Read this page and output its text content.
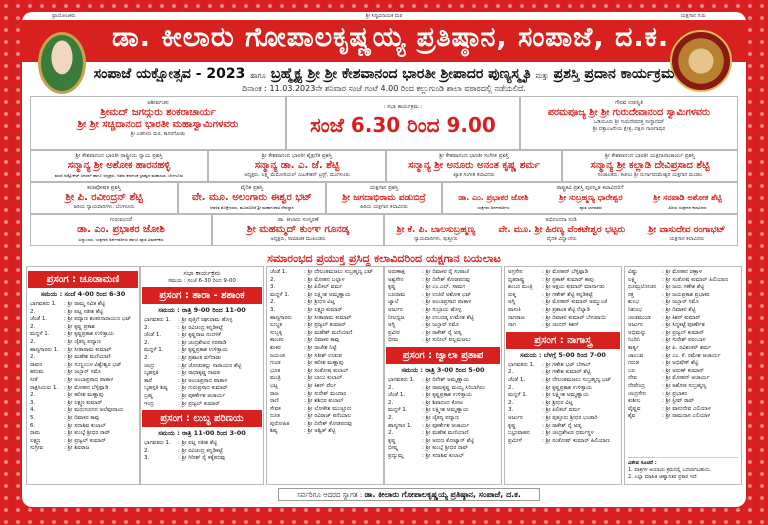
ಪ್ರಾಯೋಜಕರು	ಶ್ರೀ ಸಿದ್ಧಿವಿನಾಯಕ ಮಠ	ಯಕ್ಷಗಾನ ಗುರು
ಡಾ. ಕೀಲಾರು ಗೋಪಾಲಕೃಷ್ಣಯ್ಯ ಪ್ರತಿಷ್ಠಾನ, ಸಂಪಾಜೆ, ದ.ಕ.
ಸಂಪಾಜೆ ಯಕ್ಷೋತ್ಸವ - 2023 ಹಾಗೂ ಬ್ರಹ್ಮೈಕ್ಯ ಶ್ರೀ ಶ್ರೀ ಕೇಶವಾನಂದ ಭಾರತೀ ಶ್ರೀಪಾದರ ಪುಣ್ಯಸ್ಮೃತಿ ಮತ್ತು ಪ್ರಶಸ್ತಿ ಪ್ರದಾನ ಕಾರ್ಯಕ್ರಮ
ದಿನಾಂಕ : 11.03.2023ನೇ ಶನಿವಾರ ಸಂಜೆ ಗಂಟೆ 4.00 ರಿಂದ ಕಲ್ಲುಗುಂಡಿ ಶಾಲಾ ವಠಾರದಲ್ಲಿ ನಡೆಯಲಿದೆ.
ಆಶೀರ್ವಚನ
ಶ್ರೀಮದ್ ಜಗದ್ಗುರು ಶಂಕರಾಚಾರ್ಯ
ಶ್ರೀ ಶ್ರೀ ಸಚ್ಚಿದಾನಂದ ಭಾರತೀ ಮಹಾಸ್ವಾಮಿಗಳವರು
ಶ್ರೀ ಎಡನೀರು ಮಠ, ಕಾಸರಗೋಡು
: ಸಭಾ ಕಾರ್ಯಕ್ರಮ :
ಸಂಜೆ 6.30 ರಿಂದ 9.00
ಗೌರವ ಉಪಸ್ಥಿತಿ
ಪರಮಪೂಜ್ಯ ಶ್ರೀ ಶ್ರೀ ಗುರುದೇವಾನಂದ ಸ್ವಾಮಿಗಳವರು
ಒಡಿಯೂರು ಶ್ರೀ ಗುರುದೇವದತ್ತ ಸಂಸ್ಥಾನಮ್
ಶ್ರೀ ದತ್ತಾಂಜನೇಯ ಕ್ಷೇತ್ರ, ದಕ್ಷಿಣ ಗಾಣಗಾಪುರ
ಶ್ರೀ ಕೇಶವಾನಂದ ಭಾರತೀ ರಾಷ್ಟ್ರೀಯ ನ್ಯಾಯ ಪ್ರಶಸ್ತಿ
ಸನ್ಮಾನ್ಯ ಶ್ರೀ ಅಶೋಕ ಹಾರನಹಳ್ಳಿ
ಮಾಜಿ ಅಡ್ವೊಕೇಟ್ ಜನರಲ್ ಹಾಗೂ ಅಧ್ಯಕ್ಷರು, ಅಖಿಲ ಕರ್ನಾಟಕ ಬ್ರಾಹ್ಮಣ ಮಹಾಸಭಾ, ಬೆಂಗಳೂರು
ಶ್ರೀ ಕೇಶವಾನಂದ ಭಾರತೀ ಶೈಕ್ಷಣಿಕ ಪ್ರಶಸ್ತಿ
ಸನ್ಮಾನ್ಯ ಡಾ. ಎ. ಜೆ. ಶೆಟ್ಟಿ
ಅಧ್ಯಕ್ಷರು, ಲಕ್ಷ್ಮಿ ಮೆಮೋರಿಯಲ್ ಎಜುಕೇಶನ್ ಟ್ರಸ್ಟ್, ಮಂಗಳೂರು
ಶ್ರೀ ಕೇಶವಾನಂದ ಭಾರತೀ ಸಂಗೀತ ಪ್ರಶಸ್ತಿ
ಸನ್ಮಾನ್ಯ ಶ್ರೀ ಅನೂರು ಅನಂತ ಕೃಷ್ಣ ಶರ್ಮ
ಖ್ಯಾತ ಸಂಗೀತ ಕಲಾವಿದರು
ಶ್ರೀ ಕೇಶವಾನಂದ ಭಾರತೀ ಯಕ್ಷಗಾನಾಚಾರ್ಯ ಪ್ರಶಸ್ತಿ
ಸನ್ಮಾನ್ಯ ಶ್ರೀ ಕಲ್ಲಾಡಿ ದೇವಿಪ್ರಸಾದ ಶೆಟ್ಟಿ
ಸಂಚಾಲಕರು, ಕಟೀಲು ಶ್ರೀ ದುರ್ಗಾಪರಮೇಶ್ವರಿ ಯಕ್ಷಗಾನ ಮಂಡಲ
ಕಲಾಪೋಷಕ ಪ್ರಶಸ್ತಿ
ಶ್ರೀ ಪಿ. ರವೀಂದ್ರನ್ ಶೆಟ್ಟಿ
ಹಿರಿಯ ನ್ಯಾಯವಾದಿಗಳು, ಬೆಂಗಳೂರು
ವೈದಿಕ ಪ್ರಶಸ್ತಿ
ವೇ. ಮೂ. ಅಲಂಗಾರು ಈಶ್ವರ ಭಟ್
ಆಡಳಿತ ಮೊಕ್ತೇಸರರು, ಮೂಡಬಿದಿರೆ ಶ್ರೀ ಮಹಾಗಣಪತಿ ದೇವಸ್ಥಾನ
ಯಕ್ಷಗಾನ ಪ್ರಶಸ್ತಿ
ಶ್ರೀ ಜಗದಾಭಿರಾಮ ಪಡುಬಿದ್ರೆ
ಹಿರಿಯ ಯಕ್ಷಗಾನ ಕಲಾವಿದರು
ರಾಷ್ಟ್ರಕವಿ ಪ್ರಶಸ್ತಿ ಪುರಸ್ಕೃತ ಕಲಾವಿದರಿಗೆ
ಡಾ. ಎಂ. ಪ್ರಭಾಕರ ಜೋಶಿ
ಯಕ್ಷಗಾನ ಅರ್ಥಧಾರಿಗಳು
ಶ್ರೀ ಸುಬ್ರಹ್ಮಣ್ಯ ಧಾರೇಶ್ವರ
ಖ್ಯಾತ ಭಾಗವತರು
ಶ್ರೀ ಸರಪಾಡಿ ಅಶೋಕ ಶೆಟ್ಟಿ
ಹಿರಿಯ ಯಕ್ಷಗಾನ ಕಲಾವಿದರು
ಗುರುವಂದನೆ
ಡಾ. ಎಂ. ಪ್ರಭಾಕರ ಜೋಶಿ
ವಿದ್ವಾಂಸರು, ಯಕ್ಷಗಾನ ಅರ್ಥಧಾರಿಗಳು ಹಾಗೂ ಖ್ಯಾತ ವಿಮರ್ಶಕರು
ಡಾ. ಕೀಲಾರು ಸಂಸ್ಮರಣೆ
ಶ್ರೀ ಮಹಮ್ಮದ್ ಕುಂಞ ಗೂನಡ್ಕ
ಅಧ್ಯಕ್ಷರು, ಸಾಮಾಜಿಕ ಮುಖಂಡರು
ಅಭಿನಂದನಾ ನುಡಿ
ಶ್ರೀ ಕೆ. ಪಿ. ಬಾಲಸುಬ್ರಹ್ಮಣ್ಯ
ನ್ಯಾಯವಾದಿಗಳು, ಪುತ್ತೂರು
ವೇ. ಮೂ. ಶ್ರೀ ಹಿರಣ್ಯ ವೆಂಕಟೇಶ್ವರ ಭಟ್ಟರು
ವೈದಿಕ ವಿದ್ವಾಂಸರು
ಶ್ರೀ ವಾಸುದೇವ ರಂಗಾಭಟ್
ಯಕ್ಷಗಾನ ಕಲಾವಿದರು
ಸಮಾರಂಭದ ಪ್ರಯುಕ್ತ ಪ್ರಸಿದ್ಧ ಕಲಾವಿದರಿಂದ ಯಕ್ಷಗಾನ ಬಯಲಾಟ
ಪ್ರಸಂಗ : ಚೂಡಾಮಣಿ
ಸಮಯ : ಸಂಜೆ 4-00 ರಿಂದ 6-30
ಭಾಗವತರು 1. : ಶ್ರೀ ರಾಮ್ಮ ಸವಿತ ಶೆಟ್ಟಿ
2.	: ಶ್ರೀ ಪಟ್ಲ ಸತೀಶ ಶೆಟ್ಟಿ
ಚೆಂಡೆ 1.	: ಶ್ರೀ ಪದ್ಯಾಣ ಶಂಕರನಾರಾಯಣ ಭಟ್
2.	: ಶ್ರೀ ಕೃಷ್ಣ ಪ್ರಕಾಶ
ಮದ್ದಳೆ 1.	: ಶ್ರೀ ಕೃಷ್ಣಪ್ರಕಾಶ ಉಳಿತ್ತಾಯ
2.	: ಶ್ರೀ ಚೈತನ್ಯ ಪದ್ಯಾಣ
ಹಾಸ್ಯಗಾರರು 1. : ಶ್ರೀ ಸೀತಾರಾಮ ಕುಮಾರ್
2.	: ಶ್ರೀ ಮಹೇಶ ಮಣಿಯಾಣಿ
ರಾವಣ	: ಶ್ರೀ ಸುಣ್ಣಂಬಳ ವಿಶ್ವೇಶ್ವರ ಭಟ್
ಹನುಮ	: ಶ್ರೀ ಜಬ್ಬಾರ್ ಸಮೊ
ಸೀತೆ	: ಶ್ರೀ ಅಂಬಾಪ್ರಸಾದ ಪಾತಾಳ
ರಾಕ್ಷಸಿಯರು 1. : ಶ್ರೀ ಮೋಹನ ಬೆಳ್ಳಿಪ್ಪಾಡಿ
2.	: ಶ್ರೀ ಹರೀಶ ಮಣ್ಣಾಪು
3.	: ಶ್ರೀ ಲಕ್ಷ್ಮಣ ಕುಮಾರ್
4.	: ಶ್ರೀ ಮಧುಸೂದನ ಅಲೆವೂರಾಯ
5.	: ಶ್ರೀ ದಿವಾಕರ ಕಾವು
6.	: ಶ್ರೀ ಸದಾಶಿವ ಕುಲಾಲ್
ರಾಮ	: ಶ್ರೀ ಕುಂಬ್ಳೆ ಶ್ರೀಧರ ರಾವ್
ಲಕ್ಷ್ಮಣ	: ಶ್ರೀ ಪ್ರಜ್ವಲ್ ಕುಮಾರ್
ಸುಗ್ರೀವ	: ಶ್ರೀ ಶಿವರಾಜ
ಸಭಾ ಕಾರ್ಯಕ್ರಮ
ಸಮಯ : ಸಂಜೆ 6-30 ರಿಂದ 9-00
ಪ್ರಸಂಗ : ತಾರಾ - ಶಶಾಂಕ
ಸಮಯ : ರಾತ್ರಿ 9-00 ರಿಂದ 11-00
ಭಾಗವತರು 1. : ಶ್ರೀ ಪುತ್ತಿಗೆ ರಘುರಾಮ ಹೊಳ್ಳ
2.	: ಶ್ರೀ ರವಿಚಂದ್ರ ಕನ್ನಡಿಕಟ್ಟೆ
ಚೆಂಡೆ 1.	: ಶ್ರೀ ಕೃಷ್ಣರಾಜ ನಂದಳಿಕೆ
2.	: ಶ್ರೀ ಚಂದ್ರಶೇಖರ ಸರಪಾಡಿ
ಮದ್ದಳೆ 1.	: ಶ್ರೀ ಕೃಷ್ಣಪ್ರಕಾಶ ಉಳಿತ್ತಾಯ
2.	: ಶ್ರೀ ಪ್ರಶಾಂತ ವಗೆನಾಡು
ಚಂದ್ರ	: ಶ್ರೀ ಜೋಡುಕಲ್ಲು ನಾರಾಯಣ ಶೆಟ್ಟಿ
ಬೃಹಸ್ಪತಿ	: ಶ್ರೀ ರಾಧಾಕೃಷ್ಣ ನಾವಡ
ತಾರೆ	: ಶ್ರೀ ಅಂಬಾಪ್ರಸಾದ ಪಾತಾಳ
ಬೃಹಸ್ಪತಿ ಶಿಷ್ಯ : ಶ್ರೀ ಗುರುಪ್ರಸಾದ ಕುಮಾರ್
ಬ್ರಹ್ಮ	: ಶ್ರೀ ಪೂರ್ಣೇಶ ಆಚಾರ್ಯ
ಇಂದ್ರ	: ಶ್ರೀ ಪ್ರಜ್ವಲ್ ಕುಮಾರ್
ಪ್ರಸಂಗ : ಲುಬ್ಧ ಪರಿಣಯ
ಸಮಯ : ರಾತ್ರಿ 11-00 ರಿಂದ 3-00
ಭಾಗವತರು 1. : ಶ್ರೀ ಪಟ್ಲ ಸತೀಶ ಶೆಟ್ಟಿ
2.	: ಶ್ರೀ ರವಿಚಂದ್ರ ಕನ್ನಡಿಕಟ್ಟೆ
3.	: ಶ್ರೀ ಗಿರೀಶ್ ರೈ ಕಕ್ಕೆಪದವು
ಚೆಂಡೆ 1.	: ಶ್ರೀ ದೇಲಂತಮಜಲು ಸುಬ್ರಹ್ಮಣ್ಯ ಭಟ್
2.	: ಶ್ರೀ ಮೋಹನ ಬಲ್ಲಾಳ
3.	: ಶ್ರೀ ಪಿಲಿಕಲ್ ವರ್ಮ
ಮದ್ದಳೆ 1.	: ಶ್ರೀ ಲಕ್ಷ್ಮೀಶ ಅಮ್ಮಣ್ಣಾಯ
2.	: ಶ್ರೀ ಶ್ರೀಧರ ವಿಟ್ಲ
3.	: ಶ್ರೀ ಲಕ್ಷ್ಮಣ ಕುಮಾರ್
ಹಾಸ್ಯಗಾರರು : ಶ್ರೀ ಸೀತಾರಾಮ ಕುಮಾರ್
ಲುಬ್ಧಕ	: ಶ್ರೀ ಪ್ರಜ್ವಲ್ ಕುಮಾರ್
ಸುಬ್ಬಕ್ಕ	: ಶ್ರೀ ಮಹೇಶ್ ಮಣಿಯಾಣಿ
ಕಾಂಚನ	: ಶ್ರೀ ದಿವಾಕರ ಕಾವು
ಶಂಕರ	: ಶ್ರೀ ರಾಜೇಶ ನಿಟ್ಟೆ
ಜಯಂತ	: ಶ್ರೀ ಸತೀಶ್ ಉಡುಪ
ಗುಂಡ	: ಶ್ರೀ ಹರೀಶ ಮಣ್ಣಾಪು
ಭೂತ	: ಶ್ರೀ ಸಂತೋಷ ಕುಲಾಲ್
ಮಂತ್ರಿ	: ಶ್ರೀ ಬಾಬು ಕುಲಾಲ್
ಭಟ್ಟ	: ಶ್ರೀ ಕಿಶನ್ ಪೆರ್ಲ
ರಾಜ	: ಶ್ರೀ ಸುರೇಶ್ ಮಂದಾರ
ರಾಣಿ	: ಶ್ರೀ ಶಶಿಧರ ಕುಲಾಲ್
ಸೇವಕ	: ಶ್ರೀ ಲೋಕೇಶ ಮುಚ್ಚೂರು
ದೂತ	: ಶ್ರೀ ರವಿರಾಜ್ ಪನೆಯಾಲ
ಪುರೋಹಿತ	: ಶ್ರೀ ದಿನೇಶ್ ಕೋಡಪದವು
ಶಿಷ್ಯ	: ಶ್ರೀ ಅಶ್ವಿತ್ ಶೆಟ್ಟಿ
ಅರುಣಾಕ್ಷ	: ಶ್ರೀ ದಿವಾಕರ ರೈ ಸಂಪಾಜೆ
ಅಶ್ವಸೇನ	: ಶ್ರೀ ದಿನೇಶ್ ಕೋಡಪದವು
ಕೃಷ್ಣ	: ಶ್ರೀ ಎಂ.ಎಲ್. ಸಾಮಗ
ಬಲರಾಮ	: ಶ್ರೀ ಉಜಿರೆ ಅಶೋಕ ಭಟ್
ಜ್ವಾಲೆ	: ಶ್ರೀ ಅಂಬಾಪ್ರಸಾದ ಪಾತಾಳ
ಅರ್ಜುನ	: ಶ್ರೀ ಸುಬ್ರಾಯ ಹೊಳ್ಳ
ನೀಲಧ್ವಜ	: ಶ್ರೀ ಉಬರಡ್ಕ ಉಮೇಶ ಶೆಟ್ಟಿ
ಅಗ್ನಿ	: ಶ್ರೀ ಜಬ್ಬಾರ್ ಸಮೊ
ಪ್ರವೀರ	: ಶ್ರೀ ರಾಕೇಶ್ ರೈ ಅಡ್ಕ
ಭೀಮ	: ಶ್ರೀ ಸುನೀಲ್ ಪಲ್ಲಮಜಲು
ಪ್ರಸಂಗ : ಜ್ವಾಲಾ ಪ್ರತಾಪ
ಸಮಯ : ರಾತ್ರಿ 3-00 ರಿಂದ 5-00
ಭಾಗವತರು 1. : ಶ್ರೀ ದಿನೇಶ್ ಅಮ್ಮಣ್ಣಾಯ
2.	: ಶ್ರೀ ರಾಮಕೃಷ್ಣ ಮಯ್ಯ ಸಿರಿಬಾಗಿಲು
ಚೆಂಡೆ 1.	: ಶ್ರೀ ಕೃಷ್ಣಪ್ರಕಾಶ ಉಳಿತ್ತಾಯ
2.	: ಶ್ರೀ ಶಿವಾನಂದ ಕೋಟ
ಮದ್ದಳೆ 1.	: ಶ್ರೀ ಲಕ್ಷ್ಮೀಶ ಅಮ್ಮಣ್ಣಾಯ
2.	: ಶ್ರೀ ಚೈತನ್ಯ ಪದ್ಯಾಣ
ಹಾಸ್ಯಗಾರ 1. : ಶ್ರೀ ಪೂರ್ಣೇಶ ಆಚಾರ್ಯ
2.	: ಶ್ರೀ ಮಹೇಶ ಮಣಿಯಾಣಿ
ಕೃಷ್ಣ	: ಶ್ರೀ ಅರುಣ ಕೋಟ್ಯಾನ್ ಶೆಟ್ಟಿ
ಭೀಷ್ಮ	: ಶ್ರೀ ಕುಂಬ್ಳೆ ಶ್ರೀಧರ ರಾವ್
ಪ್ರದ್ಯುಮ್ನ	: ಶ್ರೀ ಸದಾಶಿವ ಕುಲಾಲ್
ಅಗ್ರಸೇನ	: ಶ್ರೀ ಮೋಹನ್ ಬೆಳ್ಳಿಪ್ಪಾಡಿ
ಧೃತರಾಷ್ಟ್ರ	: ಶ್ರೀ ಪ್ರಕಾಶ್ ಕುಮಾರ್ ಕಾಪು
ಶಂಬರ ಮಂತ್ರಿ : ಶ್ರೀ ಅಕ್ಷಯ ಕುಮಾರ್ ಮಾರ್ನಾಡು
ರುಕ್ಮ	: ಶ್ರೀ ಗಣೇಶ್ ಶೆಟ್ಟಿ ಕನ್ನಡಿಕಟ್ಟೆ
ಅಗ್ನಿ	: ಶ್ರೀ ಮೋಹನ್ ಕುಮಾರ್ ಅಮ್ಮುಂಜೆ
ವಾಸುಕಿ	: ಶ್ರೀ ಪ್ರಶಾಂತ ಶೆಟ್ಟಿ ನೆಲ್ಯಾಡಿ
ನಾಗರಾಜ	: ಶ್ರೀ ದಿವಾಕರ ಕುಮಾರ್ ಬೆಳುವಾಯಿ
ನಾಗ	: ಶ್ರೀ ಚಂದನ್ ಕಿಶನ್
ಪ್ರಸಂಗ : ನಾಗಾಸ್ತ್ರ
ಸಮಯ : ಬೆಳಗ್ಗೆ 5-00 ರಿಂದ 7-00
ಭಾಗವತರು 1. : ಶ್ರೀ ಗಣೇಶ ಭಟ್ ಬೆಳಾಲ್
2.	: ಶ್ರೀ ಗಣೇಶ ಕುಮಾರ್ ಶೆಟ್ಟಿ
ಚೆಂಡೆ 1.	: ಶ್ರೀ ದೇಲಂತಮಜಲು ಸುಬ್ರಹ್ಮಣ್ಯ ಭಟ್
2.	: ಶ್ರೀ ಕೃಷ್ಣಪ್ರಕಾಶ ಉಳಿತ್ತಾಯ
ಮದ್ದಳೆ 1.	: ಶ್ರೀ ಲಕ್ಷ್ಮೀಶ ಅಮ್ಮಣ್ಣಾಯ
2.	: ಶ್ರೀ ಶ್ರೀಧರ ವಿಟ್ಲ
3.	: ಶ್ರೀ ಪಿಲಿಕಲ್ ವರ್ಮ
ಅರ್ಜುನ	: ಶ್ರೀ ಪುತ್ತೂರು ಶ್ರೀಧರ ಭಂಡಾರಿ
ಕೃಷ್ಣ	: ಶ್ರೀ ರಾಕೇಶ್ ರೈ ಅಡ್ಕ
ಬಭ್ರುವಾಹನ : ಶ್ರೀ ಚಂದ್ರಶೇಖರ ಧರ್ಮಸ್ಥಳ
ಪ್ರಮೀಳೆ	: ಶ್ರೀ ಸಂತೋಷ್ ಕುಮಾರ್ ಹಿಲಿಯಾಣ
ವಿಷ್ಣು	: ಶ್ರೀ ಮೋಹನ ರಣ್ಬಾಳ
ಲಕ್ಷ್ಮಿ	: ಶ್ರೀ ಸಂತೋಷ ಕುಮಾರ್ ಹಿಲಿಯಾಣ
ಧೂಮ್ರಲೋಚನ : ಶ್ರೀ ಜಯ ಗಣೇಶ ಶೆಟ್ಟಿ
ರಕ್ತ	: ಶ್ರೀ ಜಯಪ್ರಕಾಶ ಪ್ರಭಾಕರ
ಶುಂಭ	: ಶ್ರೀ ಜಬ್ಬಾರ್ ಸಮೊ
ನಿಶುಂಭ	: ಶ್ರೀ ದಿವಾಕರ ಶೆಟ್ಟಿ
ಚಂಡಮುಂಡ : ಶ್ರೀ ಕಿಶನ್ ಕುಮಾರ್
ಅರ್ಜುನ	: ಶ್ರೀ ಸಿದ್ಧಕಟ್ಟೆ ಪೂರ್ಣೇಶ
ಅಭಿಮನ್ಯು	: ಶ್ರೀ ಪ್ರಜ್ವಲ್ ಕುಮಾರ್
ನಿಂದಿನಿ	: ಶ್ರೀ ಸುರೇಶ್ ಪರಂಬಾಳ
ಕಾರ್ತ್ಯ	: ಶ್ರೀ ಪಿ. ರವಿಶಂಕರ್ ಶರ್ಮ
ಜಾಂಬವ	: ಶ್ರೀ ಎಂ. ಕೆ. ರಮೇಶ ಆಚಾರ್ಯ
ಗರುಡ	: ಶ್ರೀ ಅಭಿಷೇಕ್ ಶೆಟ್ಟಿ
ಬಲ	: ಶ್ರೀ ಅರುಣ್ ಕುಮಾರ್
ದೇವ	: ಶ್ರೀ ಮೋಹನ್ ಆಚಾರ್ಯ
ದೇವೇಂದ್ರ	: ಶ್ರೀ ಅಶೋಕ ಸುಬ್ರಹ್ಮಣ್ಯ
ಚಂದ್ರಸೇನ	: ಶ್ರೀ ಪ್ರಭಾಕರ
ಕುಶೀಲ	: ಶ್ರೀ ಸ್ಟೀವ್ ರಾವ್
ವೈಷ್ಣವ	: ಶ್ರೀ ವಾಸುದೇವ ಎಲಿಯಾಳ
ಶೈವ	: ಶ್ರೀ ರಾಮದಾಸ ಎಲಿಯಾಳ
ವಿಶೇಷ ಸೂಚನೆ :
1. ಪಾತ್ರಗಳ ಆಯಾಯ ಕ್ರಮದಲ್ಲಿ ಬದಲಾಗಬಹುದು.
2. ಎಲ್ಲಾ ಮಾಹಿತಿ ಆಹ್ವಾನಿತರ ಪ್ರಕಾರ ಇದೆ.
ಸರ್ವರಿಗೂ ಆದರದ ಸ್ವಾಗತ : ಡಾ. ಕೀಲಾರು ಗೋಪಾಲಕೃಷ್ಣಯ್ಯ ಪ್ರತಿಷ್ಠಾನ, ಸಂಪಾಜೆ, ದ.ಕ.
